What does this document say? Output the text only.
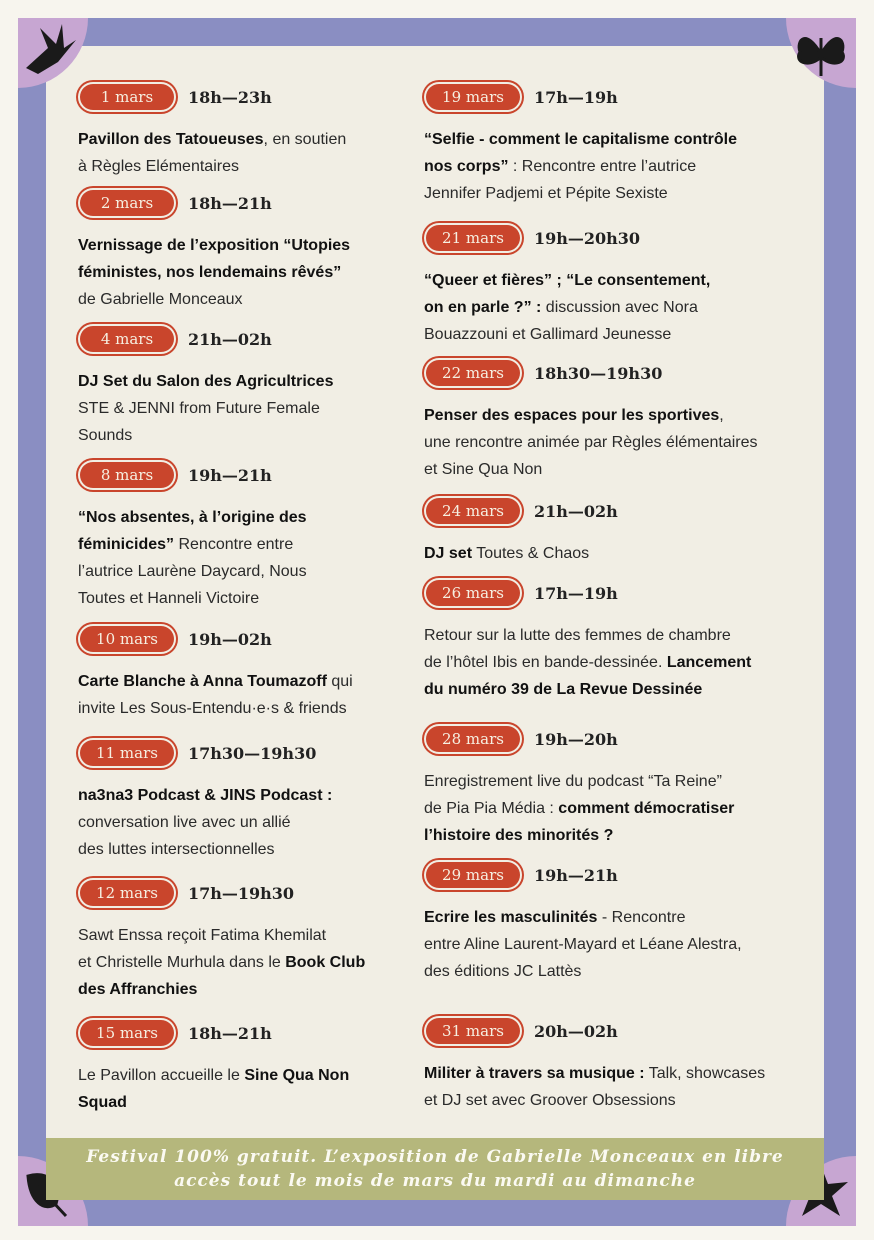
1 mars	18h—23h
Pavillon des Tatoueuses, en soutien
à Règles Elémentaires
2 mars	18h—21h
Vernissage de l’exposition “Utopies
féministes, nos lendemains rêvés”
de Gabrielle Monceaux
4 mars	21h—02h
DJ Set du Salon des Agricultrices
STE & JENNI from Future Female
Sounds
8 mars	19h—21h
“Nos absentes, à l’origine des
féminicides” Rencontre entre
l’autrice Laurène Daycard, Nous
Toutes et Hanneli Victoire
10 mars	19h—02h
Carte Blanche à Anna Toumazoff qui
invite Les Sous-Entendu·e·s & friends
11 mars	17h30—19h30
na3na3 Podcast & JINS Podcast :
conversation live avec un allié
des luttes intersectionnelles
12 mars	17h—19h30
Sawt Enssa reçoit Fatima Khemilat
et Christelle Murhula dans le Book Club
des Affranchies
15 mars	18h—21h
Le Pavillon accueille le Sine Qua Non
Squad
19 mars	17h—19h
“Selfie - comment le capitalisme contrôle
nos corps” : Rencontre entre l’autrice
Jennifer Padjemi et Pépite Sexiste
21 mars	19h—20h30
“Queer et fières” ; “Le consentement,
on en parle ?” : discussion avec Nora
Bouazzouni et Gallimard Jeunesse
22 mars	18h30—19h30
Penser des espaces pour les sportives,
une rencontre animée par Règles élémentaires
et Sine Qua Non
24 mars	21h—02h
DJ set Toutes & Chaos
26 mars	17h—19h
Retour sur la lutte des femmes de chambre
de l’hôtel Ibis en bande-dessinée. Lancement
du numéro 39 de La Revue Dessinée
28 mars	19h—20h
Enregistrement live du podcast “Ta Reine”
de Pia Pia Média : comment démocratiser
l’histoire des minorités ?
29 mars	19h—21h
Ecrire les masculinités - Rencontre
entre Aline Laurent-Mayard et Léane Alestra,
des éditions JC Lattès
31 mars	20h—02h
Militer à travers sa musique : Talk, showcases
et DJ set avec Groover Obsessions
Festival 100% gratuit. L’exposition de Gabrielle Monceaux en libre
accès tout le mois de mars du mardi au dimanche
